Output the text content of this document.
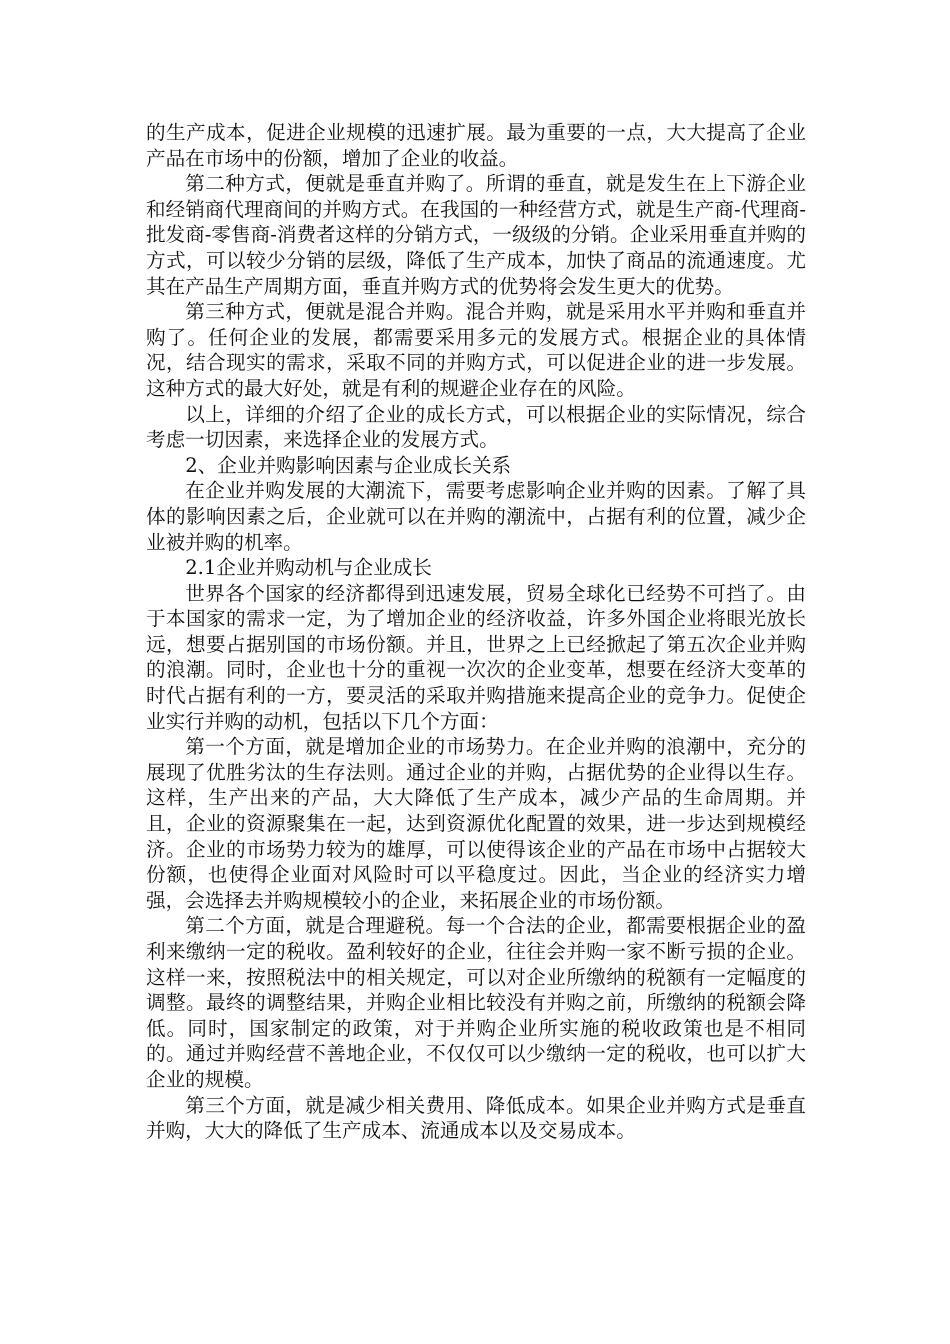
的生产成本，促进企业规模的迅速扩展。最为重要的一点，大大提高了企业产品在市场中的份额，增加了企业的收益。

第二种方式，便就是垂直并购了。所谓的垂直，就是发生在上下游企业和经销商代理商间的并购方式。在我国的一种经营方式，就是生产商-代理商-批发商-零售商-消费者这样的分销方式，一级级的分销。企业采用垂直并购的方式，可以较少分销的层级，降低了生产成本，加快了商品的流通速度。尤其在产品生产周期方面，垂直并购方式的优势将会发生更大的优势。

第三种方式，便就是混合并购。混合并购，就是采用水平并购和垂直并购了。任何企业的发展，都需要采用多元的发展方式。根据企业的具体情况，结合现实的需求，采取不同的并购方式，可以促进企业的进一步发展。这种方式的最大好处，就是有利的规避企业存在的风险。

以上，详细的介绍了企业的成长方式，可以根据企业的实际情况，综合考虑一切因素，来选择企业的发展方式。

2、企业并购影响因素与企业成长关系

在企业并购发展的大潮流下，需要考虑影响企业并购的因素。了解了具体的影响因素之后，企业就可以在并购的潮流中，占据有利的位置，减少企业被并购的机率。

2.1企业并购动机与企业成长

世界各个国家的经济都得到迅速发展，贸易全球化已经势不可挡了。由于本国家的需求一定，为了增加企业的经济收益，许多外国企业将眼光放长远，想要占据别国的市场份额。并且，世界之上已经掀起了第五次企业并购的浪潮。同时，企业也十分的重视一次次的企业变革，想要在经济大变革的时代占据有利的一方，要灵活的采取并购措施来提高企业的竞争力。促使企业实行并购的动机，包括以下几个方面：

第一个方面，就是增加企业的市场势力。在企业并购的浪潮中，充分的展现了优胜劣汰的生存法则。通过企业的并购，占据优势的企业得以生存。这样，生产出来的产品，大大降低了生产成本，减少产品的生命周期。并且，企业的资源聚集在一起，达到资源优化配置的效果，进一步达到规模经济。企业的市场势力较为的雄厚，可以使得该企业的产品在市场中占据较大份额，也使得企业面对风险时可以平稳度过。因此，当企业的经济实力增强，会选择去并购规模较小的企业，来拓展企业的市场份额。

第二个方面，就是合理避税。每一个合法的企业，都需要根据企业的盈利来缴纳一定的税收。盈利较好的企业，往往会并购一家不断亏损的企业。这样一来，按照税法中的相关规定，可以对企业所缴纳的税额有一定幅度的调整。最终的调整结果，并购企业相比较没有并购之前，所缴纳的税额会降低。同时，国家制定的政策，对于并购企业所实施的税收政策也是不相同的。通过并购经营不善地企业，不仅仅可以少缴纳一定的税收，也可以扩大企业的规模。

第三个方面，就是减少相关费用、降低成本。如果企业并购方式是垂直并购，大大的降低了生产成本、流通成本以及交易成本。
